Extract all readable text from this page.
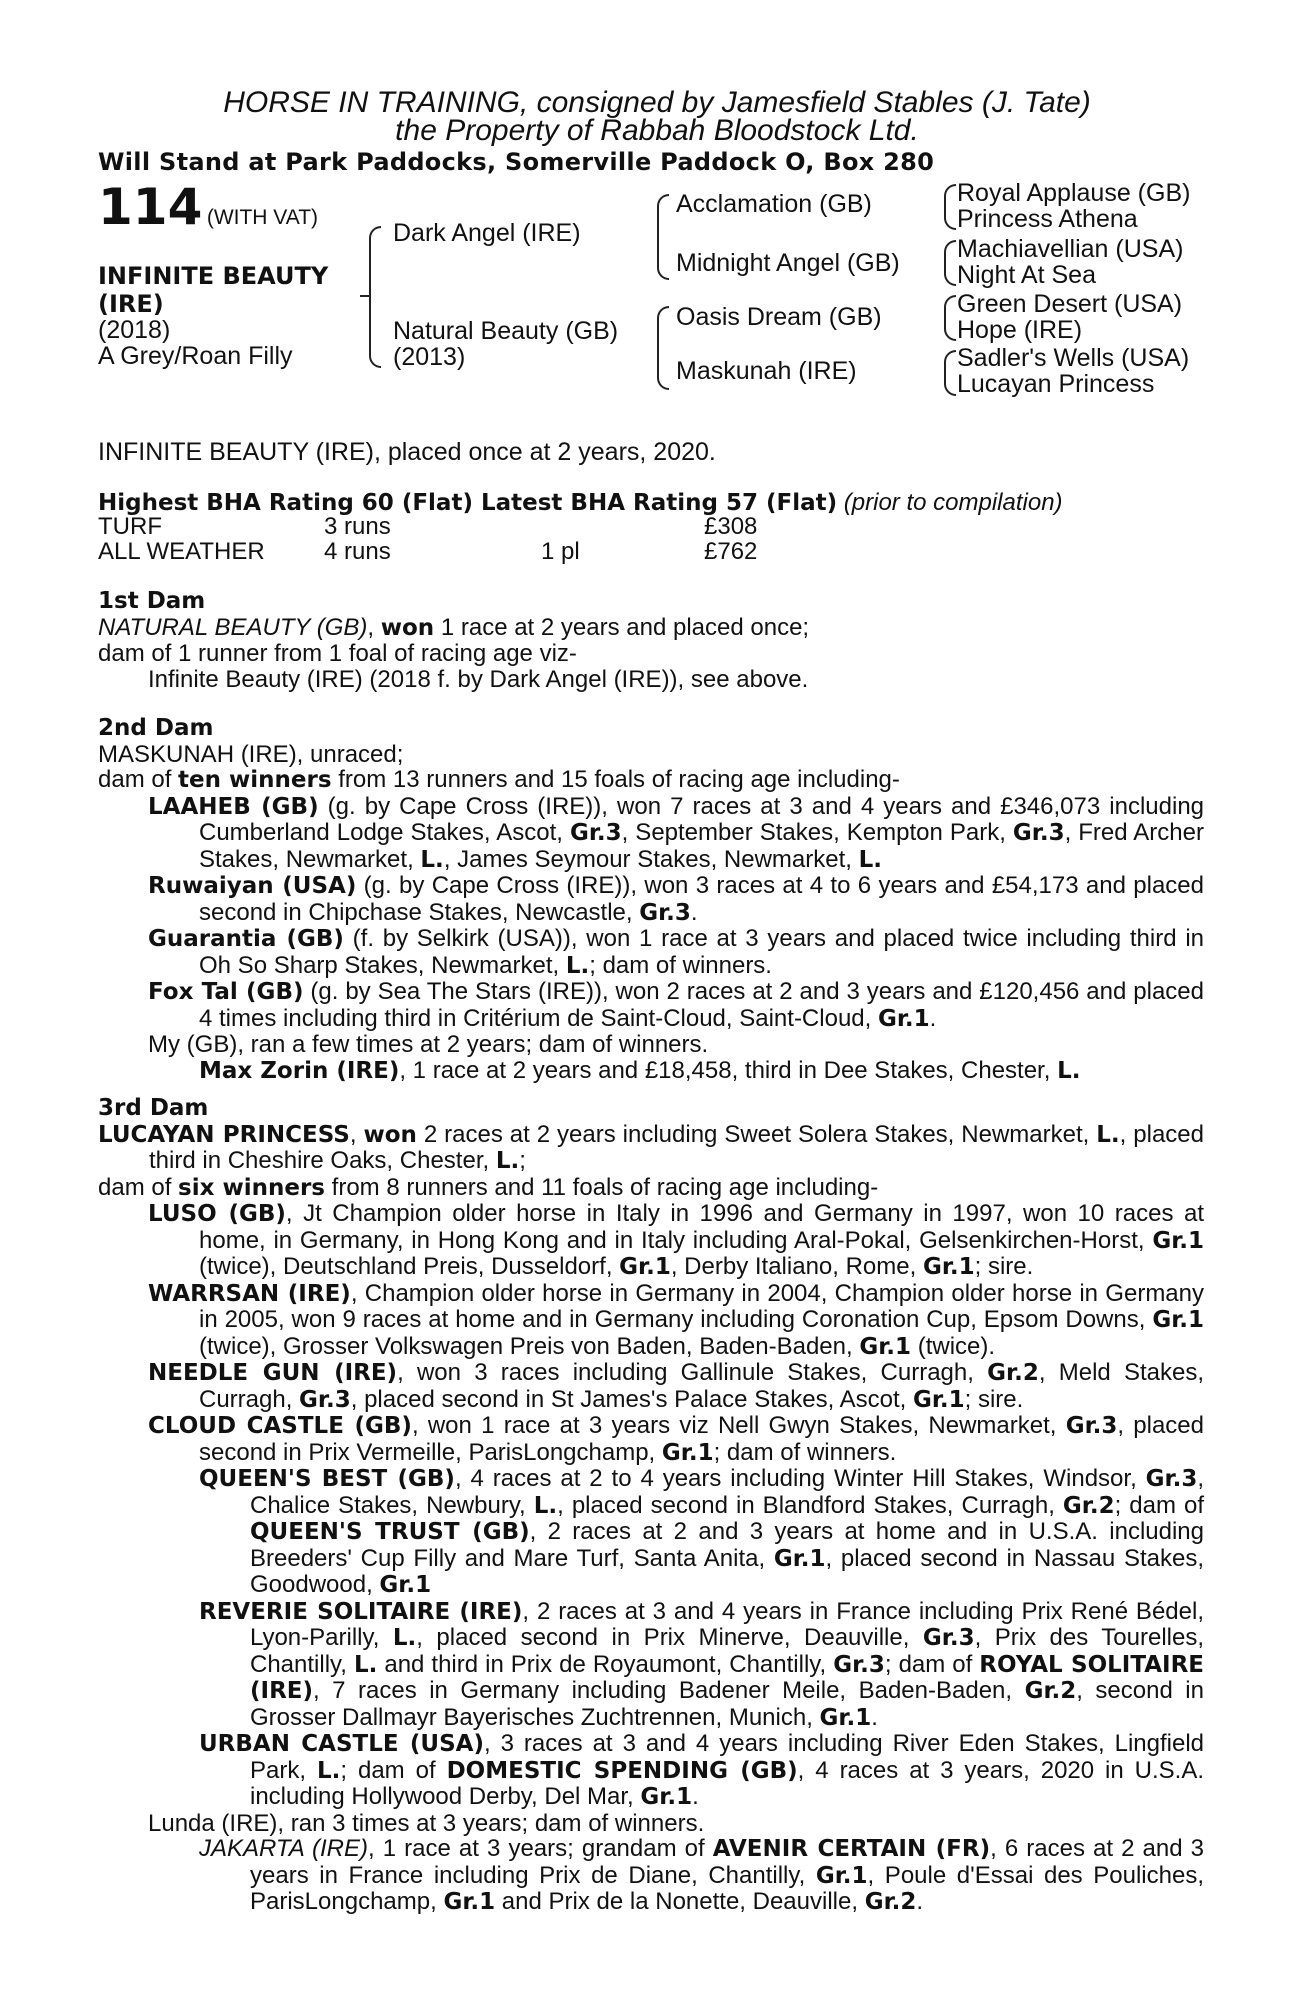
HORSE IN TRAINING, consigned by Jamesfield Stables (J. Tate)
the Property of Rabbah Bloodstock Ltd.
Will Stand at Park Paddocks, Somerville Paddock O, Box 280
114 (WITH VAT)
INFINITE BEAUTY
(IRE)
(2018)
A Grey/Roan Filly
Dark Angel (IRE)
Natural Beauty (GB)
(2013)
Acclamation (GB)
Midnight Angel (GB)
Oasis Dream (GB)
Maskunah (IRE)
Royal Applause (GB)
Princess Athena
Machiavellian (USA)
Night At Sea
Green Desert (USA)
Hope (IRE)
Sadler's Wells (USA)
Lucayan Princess
INFINITE BEAUTY (IRE), placed once at 2 years, 2020.
Highest BHA Rating 60 (Flat) Latest BHA Rating 57 (Flat) (prior to compilation)
TURF	3 runs		£308
ALL WEATHER	4 runs	1 pl	£762

1st Dam

NATURAL BEAUTY (GB), won 1 race at 2 years and placed once;

dam of 1 runner from 1 foal of racing age viz-

Infinite Beauty (IRE) (2018 f. by Dark Angel (IRE)), see above.

2nd Dam

MASKUNAH (IRE), unraced;

dam of ten winners from 13 runners and 15 foals of racing age including-

LAAHEB (GB) (g. by Cape Cross (IRE)), won 7 races at 3 and 4 years and £346,073 including Cumberland Lodge Stakes, Ascot, Gr.3, September Stakes, Kempton Park, Gr.3, Fred Archer Stakes, Newmarket, L., James Seymour Stakes, Newmarket, L.

Ruwaiyan (USA) (g. by Cape Cross (IRE)), won 3 races at 4 to 6 years and £54,173 and placed second in Chipchase Stakes, Newcastle, Gr.3.

Guarantia (GB) (f. by Selkirk (USA)), won 1 race at 3 years and placed twice including third in Oh So Sharp Stakes, Newmarket, L.; dam of winners.

Fox Tal (GB) (g. by Sea The Stars (IRE)), won 2 races at 2 and 3 years and £120,456 and placed 4 times including third in Critérium de Saint-Cloud, Saint-Cloud, Gr.1.

My (GB), ran a few times at 2 years; dam of winners.

Max Zorin (IRE), 1 race at 2 years and £18,458, third in Dee Stakes, Chester, L.

3rd Dam

LUCAYAN PRINCESS, won 2 races at 2 years including Sweet Solera Stakes, Newmarket, L., placed third in Cheshire Oaks, Chester, L.;

dam of six winners from 8 runners and 11 foals of racing age including-

LUSO (GB), Jt Champion older horse in Italy in 1996 and Germany in 1997, won 10 races at home, in Germany, in Hong Kong and in Italy including Aral-Pokal, Gelsenkirchen-Horst, Gr.1 (twice), Deutschland Preis, Dusseldorf, Gr.1, Derby Italiano, Rome, Gr.1; sire.

WARRSAN (IRE), Champion older horse in Germany in 2004, Champion older horse in Germany in 2005, won 9 races at home and in Germany including Coronation Cup, Epsom Downs, Gr.1 (twice), Grosser Volkswagen Preis von Baden, Baden-Baden, Gr.1 (twice).

NEEDLE GUN (IRE), won 3 races including Gallinule Stakes, Curragh, Gr.2, Meld Stakes, Curragh, Gr.3, placed second in St James's Palace Stakes, Ascot, Gr.1; sire.

CLOUD CASTLE (GB), won 1 race at 3 years viz Nell Gwyn Stakes, Newmarket, Gr.3, placed second in Prix Vermeille, ParisLongchamp, Gr.1; dam of winners.

QUEEN'S BEST (GB), 4 races at 2 to 4 years including Winter Hill Stakes, Windsor, Gr.3, Chalice Stakes, Newbury, L., placed second in Blandford Stakes, Curragh, Gr.2; dam of QUEEN'S TRUST (GB), 2 races at 2 and 3 years at home and in U.S.A. including Breeders' Cup Filly and Mare Turf, Santa Anita, Gr.1, placed second in Nassau Stakes, Goodwood, Gr.1

REVERIE SOLITAIRE (IRE), 2 races at 3 and 4 years in France including Prix René Bédel, Lyon-Parilly, L., placed second in Prix Minerve, Deauville, Gr.3, Prix des Tourelles, Chantilly, L. and third in Prix de Royaumont, Chantilly, Gr.3; dam of ROYAL SOLITAIRE (IRE), 7 races in Germany including Badener Meile, Baden-Baden, Gr.2, second in Grosser Dallmayr Bayerisches Zuchtrennen, Munich, Gr.1.

URBAN CASTLE (USA), 3 races at 3 and 4 years including River Eden Stakes, Lingfield Park, L.; dam of DOMESTIC SPENDING (GB), 4 races at 3 years, 2020 in U.S.A. including Hollywood Derby, Del Mar, Gr.1.

Lunda (IRE), ran 3 times at 3 years; dam of winners.

JAKARTA (IRE), 1 race at 3 years; grandam of AVENIR CERTAIN (FR), 6 races at 2 and 3 years in France including Prix de Diane, Chantilly, Gr.1, Poule d'Essai des Pouliches, ParisLongchamp, Gr.1 and Prix de la Nonette, Deauville, Gr.2.
